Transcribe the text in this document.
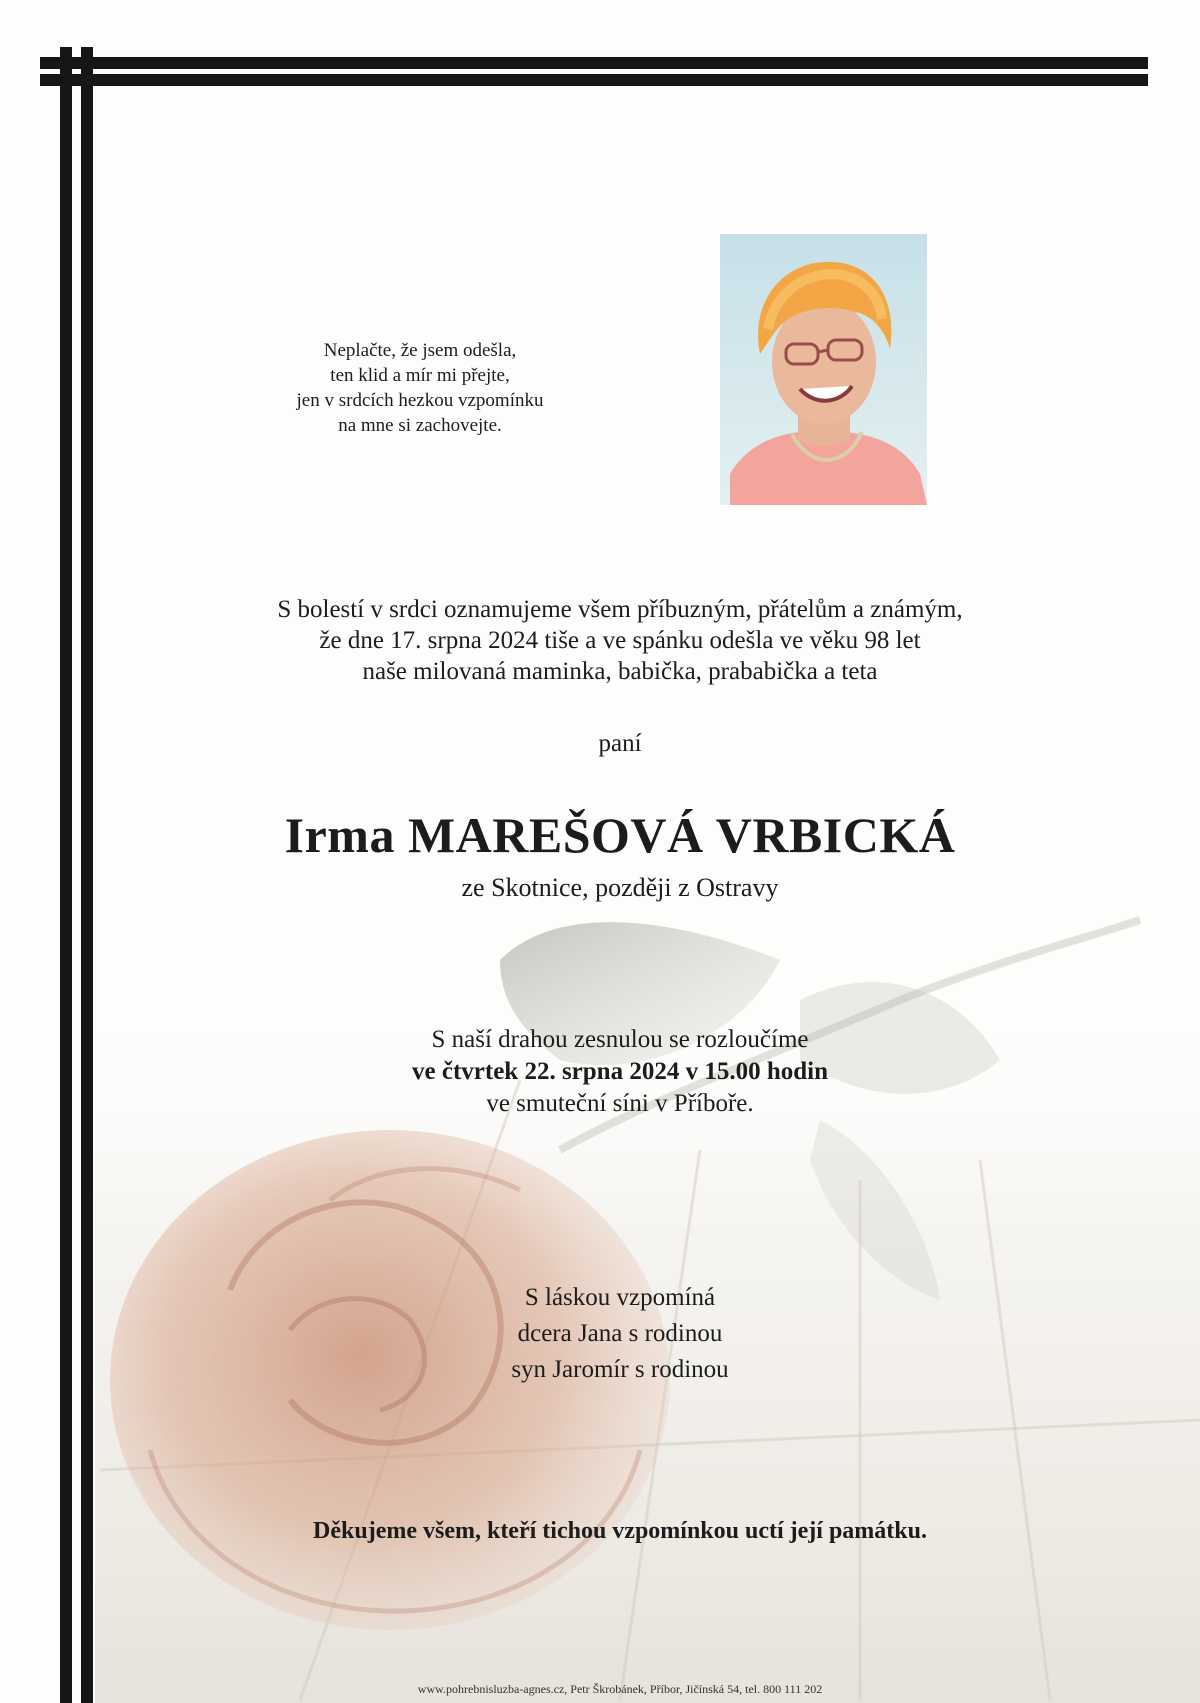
Neplačte, že jsem odešla,
ten klid a mír mi přejte,
jen v srdcích hezkou vzpomínku
na mne si zachovejte.
S bolestí v srdci oznamujeme všem příbuzným, přátelům a známým,
že dne 17. srpna 2024 tiše a ve spánku odešla ve věku 98 let
naše milovaná maminka, babička, prababička a teta
paní
Irma MAREŠOVÁ VRBICKÁ
ze Skotnice, později z Ostravy
S naší drahou zesnulou se rozloučíme
ve čtvrtek 22. srpna 2024 v 15.00 hodin
ve smuteční síni v Příboře.
S láskou vzpomíná
dcera Jana s rodinou
syn Jaromír s rodinou
Děkujeme všem, kteří tichou vzpomínkou uctí její památku.
www.pohrebnisluzba-agnes.cz, Petr Škrobánek, Příbor, Jičínská 54, tel. 800 111 202
